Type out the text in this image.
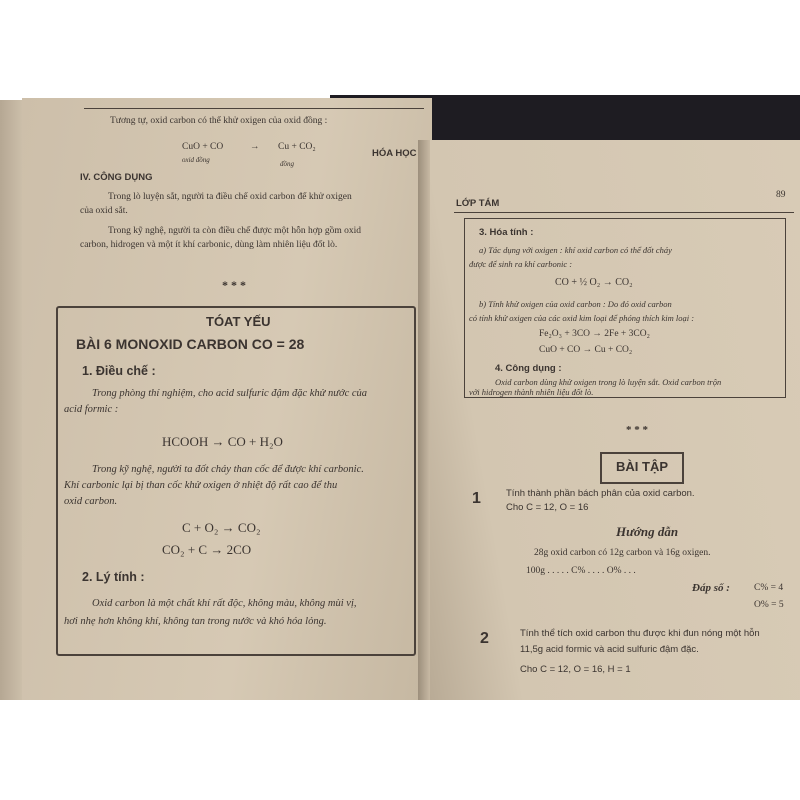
Tương tự, oxid carbon có thể khử oxigen của oxid đồng :
HÓA HỌC
CuO + CO	→ Cu + CO₂
oxid đồng	đồng
IV. CÔNG DỤNG
Trong lò luyện sắt, người ta điều chế oxid carbon để khử oxigen
của oxid sắt.
Trong kỹ nghệ, người ta còn điều chế được một hỗn hợp gồm oxid
carbon, hidrogen và một ít khí carbonic, dùng làm nhiên liệu đốt lò.
* * *
TÓAT YẾU
BÀI 6 MONOXID CARBON CO = 28
1. Điều chế :
Trong phòng thí nghiệm, cho acid sulfuric đậm đặc khử nước của
acid formic :
HCOOH → CO + H₂O
Trong kỹ nghệ, người ta đốt cháy than cốc để được khí carbonic.
Khí carbonic lại bị than cốc khử oxigen ở nhiệt độ rất cao để thu
oxid carbon.
C + O₂ → CO₂
CO₂ + C → 2CO
2. Lý tính :
Oxid carbon là một chất khí rất độc, không màu, không mùi vị,
hơi nhẹ hơn không khí, không tan trong nước và khó hóa lỏng.
LỚP TÁM
89
3. Hóa tính :
a) Tác dụng với oxigen : khí oxid carbon có thể đốt cháy
được để sinh ra khí carbonic :
CO + ½ O₂ → CO₂
b) Tính khử oxigen của oxid carbon : Do đó oxid carbon
có tính khử oxigen của các oxid kim loại để phóng thích kim loại :
Fe₂O₃ + 3CO → 2Fe + 3CO₂
CuO + CO → Cu + CO₂
4. Công dụng :
Oxid carbon dùng khử oxigen trong lò luyện sắt. Oxid carbon trộn
với hidrogen thành nhiên liệu đốt lò.
* * *
BÀI TẬP
1	Tính thành phần bách phân của oxid carbon.
Cho C = 12, O = 16
Hướng dẫn
28g oxid carbon có 12g carbon và 16g oxigen.
100g . . . . . C% . . . . O% . . .
Đáp số :	C% = 4
O% = 5
2	Tính thể tích oxid carbon thu được khi đun nóng một hỗn
11,5g acid formic và acid sulfuric đậm đặc.
Cho C = 12, O = 16, H = 1
